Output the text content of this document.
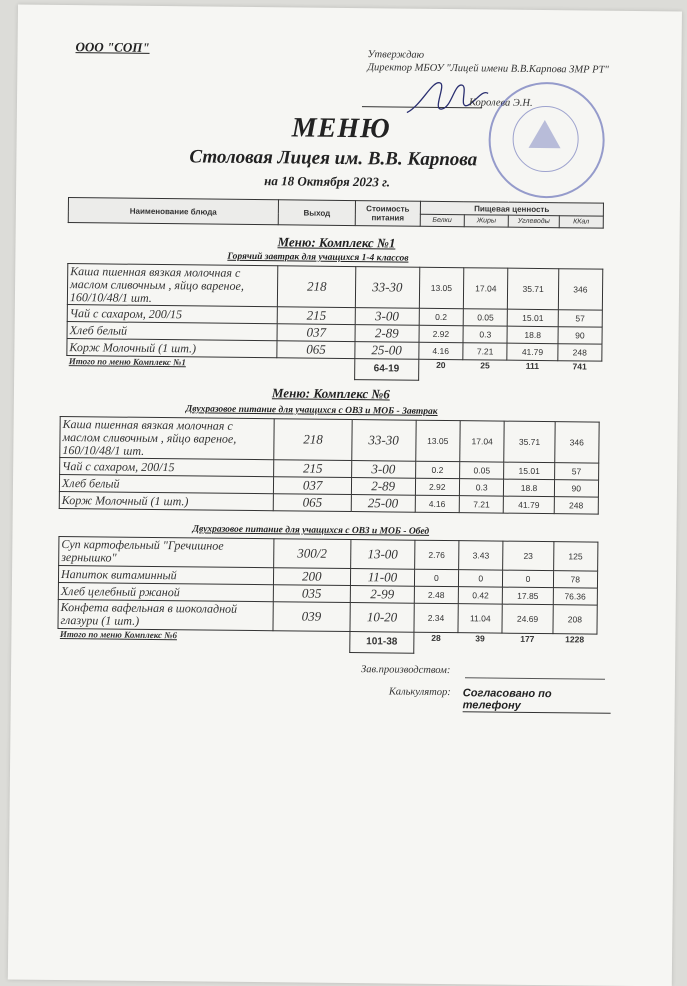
ООО "СОП"
Утверждаю
Директор МБОУ "Лицей имени В.В.Карпова ЗМР РТ"
Королева Э.Н.
МЕНЮ
Столовая Лицея им. В.В. Карпова
на 18 Октября 2023 г.
Наименование блюда	Выход	Стоимость питания	Пищевая ценность			
			Белки	Жиры	Углеводы	ККал
Меню: Комплекс №1
Горячий завтрак для учащихся 1-4 классов
Каша пшенная вязкая молочная с маслом сливочным , яйцо вареное, 160/10/48/1 шт.	218	33-30	13.05	17.04	35.71	346
Чай с сахаром, 200/15	215	3-00	0.2	0.05	15.01	57
Хлеб белый	037	2-89	2.92	0.3	18.8	90
Корж Молочный (1 шт.)	065	25-00	4.16	7.21	41.79	248
Итого по меню Комплекс №1		64-19	20	25	111	741
Меню: Комплекс №6
Двухразовое питание для учащихся с ОВЗ и МОБ - Завтрак
Каша пшенная вязкая молочная с маслом сливочным , яйцо вареное, 160/10/48/1 шт.	218	33-30	13.05	17.04	35.71	346
Чай с сахаром, 200/15	215	3-00	0.2	0.05	15.01	57
Хлеб белый	037	2-89	2.92	0.3	18.8	90
Корж Молочный (1 шт.)	065	25-00	4.16	7.21	41.79	248
Двухразовое питание для учащихся с ОВЗ и МОБ - Обед
Суп картофельный "Гречишное зернышко"	300/2	13-00	2.76	3.43	23	125
Напиток витаминный	200	11-00	0	0	0	78
Хлеб целебный ржаной	035	2-99	2.48	0.42	17.85	76.36
Конфета вафельная в шоколадной глазури (1 шт.)	039	10-20	2.34	11.04	24.69	208
Итого по меню Комплекс №6		101-38	28	39	177	1228
Зав.производством:
Калькулятор: Согласовано по телефону
